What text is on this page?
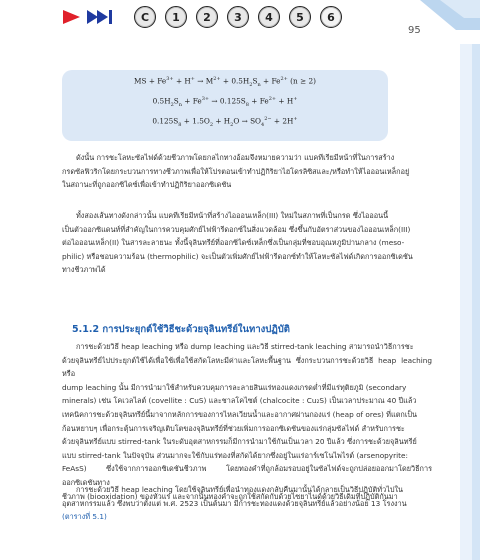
C	1	2	3	4	5	6
95
MS + $Fe^{3+} + H^+ \to M^{2+} + 0.5H_2S_n + Fe^{2+}$ (n ≥ 2)
$0.5H_2S_n + Fe^{3+} \to 0.125S_8 + Fe^{2+} + H^+$
$0.125S_8 + 1.5O_2 + H_2O \to SO_4^{2-} + 2H^+$
ดังนั้น การชะโลหะซัลไฟด์ด้วยชีวภาพโดยกลไกทางอ้อมจึงหมายความว่า แบคทีเรียมีหน้าที่ในการสร้าง
กรดซัลฟิวริกโดยกระบวนการทางชีวภาพเพื่อให้โปรตอนเข้าทำปฏิกิริยาไฮโดรลิซิสและ/หรือทำให้ไอออนเหล็กอยู่
ในสถานะที่ถูกออกซิไดซ์เพื่อเข้าทำปฏิกิริยาออกซิเดชัน
ทั้งสองเส้นทางดังกล่าวนั้น แบคทีเรียมีหน้าที่สร้างไอออนเหล็ก(III) ใหม่ในสภาพที่เป็นกรด ซึ่งไอออนนี้
เป็นตัวออกซิแดนท์ที่สำคัญในการควบคุมศักย์ไฟฟ้ารีดอกซ์ในสิ่งแวดล้อม ซึ่งขึ้นกับอัตราส่วนของไอออนเหล็ก(III)
ต่อไอออนเหล็ก(II) ในสารละลายนะ ทั้งนี้จุลินทรีย์ที่ออกซิไดซ์เหล็กซึ่งเป็นกลุ่มที่ชอบอุณหภูมิปานกลาง (meso-
philic) หรือชอบความร้อน (thermophilic) จะเป็นตัวเพิ่มศักย์ไฟฟ้ารีดอกซ์ทำให้โลหะซัลไฟด์เกิดการออกซิเดชัน
ทางชีวภาพได้
5.1.2 การประยุกต์ใช้วิธีชะด้วยจุลินทรีย์ในทางปฏิบัติ
การชะด้วยวิธี heap leaching หรือ dump leaching และวิธี stirred-tank leaching สามารถนำวิธีการชะ
ด้วยจุลินทรีย์ไปประยุกต์ใช้ได้เพื่อใช้เพื่อใช้สกัดโลหะมีค่าและโลหะพื้นฐาน ซึ่งกระบวนการชะด้วยวิธี heap leaching หรือ
dump leaching นั้น มีการนำมาใช้สำหรับควบคุมการละลายสินแร่ทองแดงเกรดต่ำที่มีแร่ทุติยภูมิ (secondary
minerals) เช่น โคเวลไลต์ (covellite : CuS) และชาลโคไซต์ (chalcocite : Cu₂S) เป็นเวลาประมาณ 40 ปีแล้ว
เทคนิคการชะด้วยจุลินทรีย์นี้มาจากหลักการของการไหลเวียนน้ำและอากาศผ่านกองแร่ (heap of ores) ที่แตกเป็น
ก้อนหยาบๆ เพื่อกระตุ้นการเจริญเติบโตของจุลินทรีย์ที่ช่วยเพิ่มการออกซิเดชันของแร่กลุ่มซัลไฟด์ สำหรับการชะ
ด้วยจุลินทรีย์แบบ stirred-tank ในระดับอุตสาหกรรมก็มีการนำมาใช้กันเป็นเวลา 20 ปีแล้ว ซึ่งการชะด้วยจุลินทรีย์
แบบ stirred-tank ในปัจจุบัน ส่วนมากจะใช้กับแร่ทองที่สกัดได้ยากซึ่งอยู่ในแร่อาร์เซโนไพไรต์ (arsenopyrite:
FeAsS) ซึ่งใช้จากการออกซิเดชันชีวภาพ โดยทองคำที่ถูกล้อมรอบอยู่ในซัลไฟด์จะถูกปล่อยออกมาโดยวิธีการออกซิเดชันทาง
ชีวภาพ (biooxidation) ของหัวแร่ และจากนั้นทองคำจะถูกใช้สกัดกับด้วยไซยาไนด์ด้วยวิธีเดิมที่ปฏิบัติกันมา
การชะด้วยวิธี heap leaching โดยใช้จุลินทรีย์เพื่อนำทองแดงกลับคืนมานั้นได้กลายเป็นวิธีปฏิบัติทั่วไปใน
อุตสาหกรรมแล้ว ซึ่งพบว่าตั้งแต่ พ.ศ. 2523 เป็นต้นมา มีการชะทองแดงด้วยจุลินทรีย์แล้วอย่างน้อย 13 โรงงาน
(ตารางที่ 5.1)
